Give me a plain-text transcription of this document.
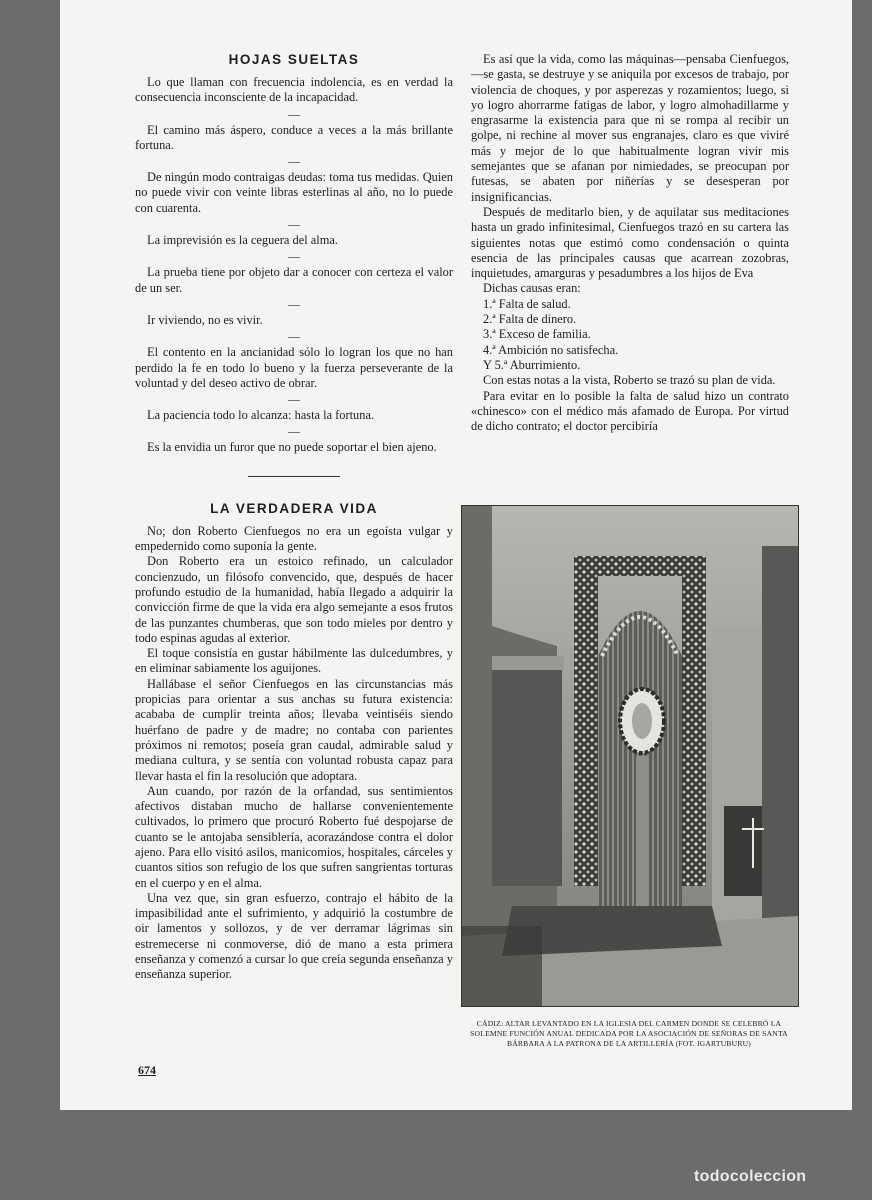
HOJAS SUELTAS

Lo que llaman con frecuencia indolencia, es en verdad la consecuencia inconsciente de la incapacidad.

—

El camino más áspero, conduce a veces a la más brillante fortuna.

—

De ningún modo contraigas deudas: toma tus medidas. Quien no puede vivir con veinte libras esterlinas al año, no lo puede con cuarenta.

—

La imprevisión es la ceguera del alma.

—

La prueba tiene por objeto dar a conocer con certeza el valor de un ser.

—

Ir viviendo, no es vivir.

—

El contento en la ancianidad sólo lo logran los que no han perdido la fe en todo lo bueno y la fuerza perseverante de la voluntad y del deseo activo de obrar.

—

La paciencia todo lo alcanza: hasta la fortuna.

—

Es la envidia un furor que no puede soportar el bien ajeno.

LA VERDADERA VIDA

No; don Roberto Cienfuegos no era un egoísta vulgar y empedernido como suponía la gente.

Don Roberto era un estoico refinado, un calculador concienzudo, un filósofo convencido, que, después de hacer profundo estudio de la humanidad, había llegado a adquirir la convicción firme de que la vida era algo semejante a esos frutos de las punzantes chumberas, que son todo mieles por dentro y todo espinas agudas al exterior.

El toque consistía en gustar hábilmente las dulcedumbres, y en eliminar sabiamente los aguijones.

Hallábase el señor Cienfuegos en las circunstancias más propicias para orientar a sus anchas su futura existencia: acababa de cumplir treinta años; llevaba veintiséis siendo huérfano de padre y de madre; no contaba con parientes próximos ni remotos; poseía gran caudal, admirable salud y mediana cultura, y se sentía con voluntad robusta capaz para llevar hasta el fin la resolución que adoptara.

Aun cuando, por razón de la orfandad, sus sentimientos afectivos distaban mucho de hallarse convenientemente cultivados, lo primero que procuró Roberto fué despojarse de cuanto se le antojaba sensiblería, acorazándose contra el dolor ajeno. Para ello visitó asilos, manicomios, hospitales, cárceles y cuantos sitios son refugio de los que sufren sangrientas torturas en el cuerpo y en el alma.

Una vez que, sin gran esfuerzo, contrajo el hábito de la impasibilidad ante el sufrimiento, y adquirió la costumbre de oir lamentos y sollozos, y de ver derramar lágrimas sin estremecerse ni conmoverse, dió de mano a esta primera enseñanza y comenzó a cursar lo que creía segunda enseñanza y enseñanza superior.

Es así que la vida, como las máquinas—pensaba Cienfuegos,—se gasta, se destruye y se aniquila por excesos de trabajo, por violencia de choques, y por asperezas y rozamientos; luego, si yo logro ahorrarme fatigas de labor, y logro almohadillarme y engrasarme la existencia para que ni se rompa al recibir un golpe, ni rechine al mover sus engranajes, claro es que viviré más y mejor de lo que habitualmente logran vivir mis semejantes que se afanan por nimiedades, se preocupan por futesas, se abaten por niñerías y se desesperan por insignificancias.

Después de meditarlo bien, y de aquilatar sus meditaciones hasta un grado infinitesimal, Cienfuegos trazó en su cartera las siguientes notas que estimó como condensación o quinta esencia de las principales causas que acarrean zozobras, inquietudes, amarguras y pesadumbres a los hijos de Eva

Dichas causas eran:

1.ª Falta de salud.

2.ª Falta de dinero.

3.ª Exceso de familia.

4.ª Ambición no satisfecha.

Y 5.ª Aburrimiento.

Con estas notas a la vista, Roberto se trazó su plan de vida.

Para evitar en lo posible la falta de salud hizo un contrato «chinesco» con el médico más afamado de Europa. Por virtud de dicho contrato; el doctor percibiría

CÁDIZ: ALTAR LEVANTADO EN LA IGLESIA DEL CARMEN DONDE SE CELEBRÓ LA SOLEMNE FUNCIÓN ANUAL DEDICADA POR LA ASOCIACIÓN DE SEÑORAS DE SANTA BÁRBARA A LA PATRONA DE LA ARTILLERÍA (FOT. IGARTUBURU)
674
todocoleccion
